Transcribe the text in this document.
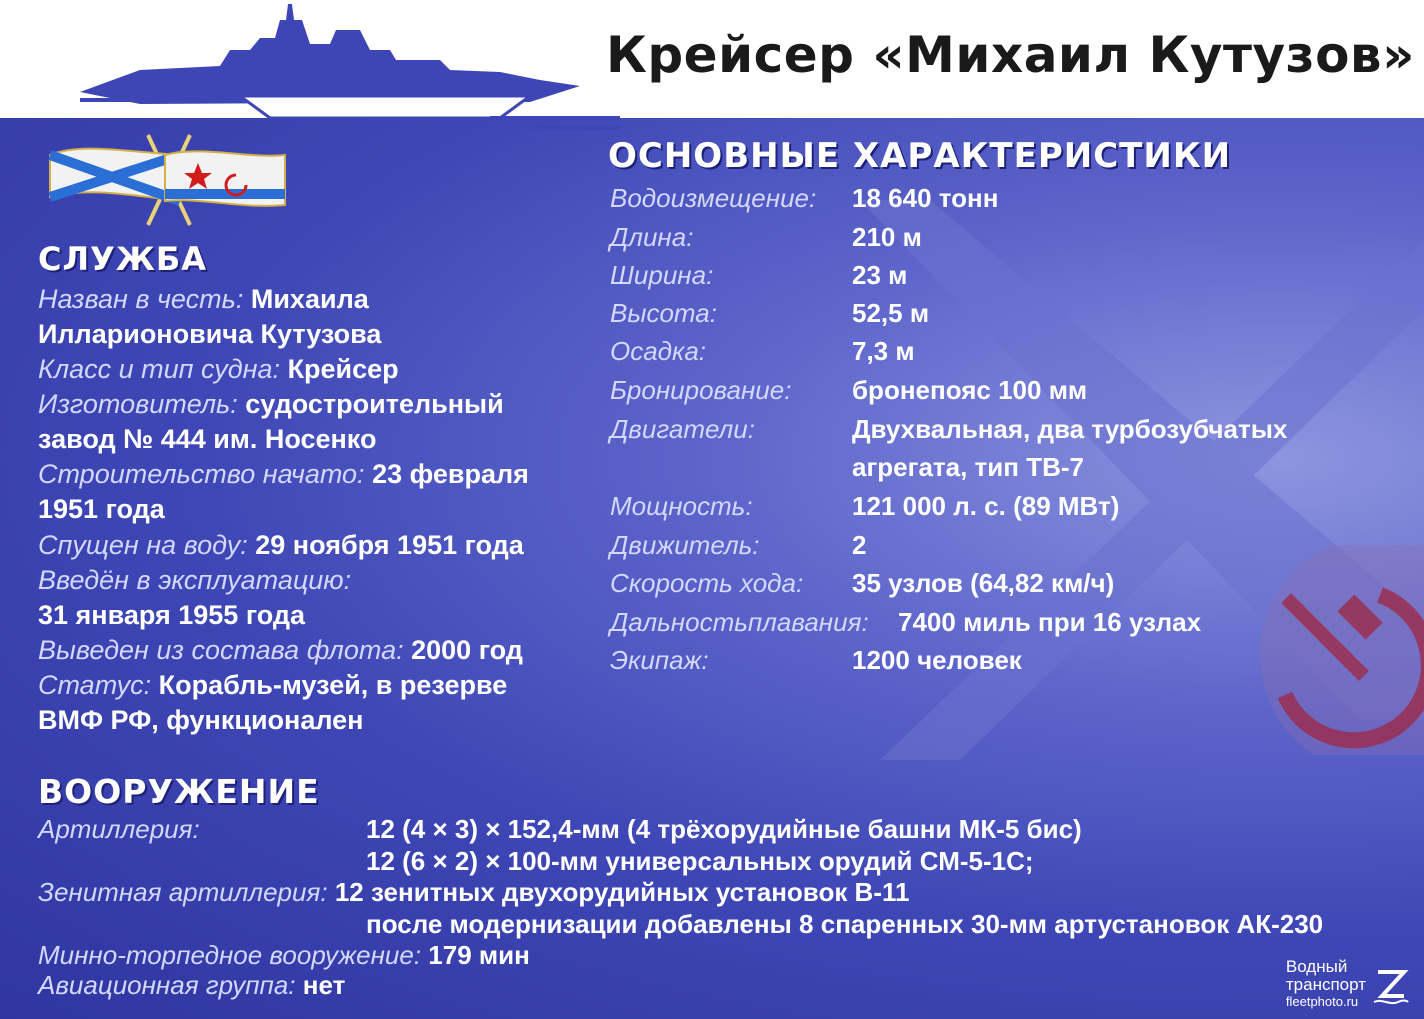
Крейсер «Михаил Кутузов»
СЛУЖБА
Назван в честь: Михаила
Илларионовича Кутузова
Класс и тип судна: Крейсер
Изготовитель: судостроительный
завод № 444 им. Носенко
Строительство начато: 23 февраля
1951 года
Спущен на воду: 29 ноября 1951 года
Введён в эксплуатацию:
31 января 1955 года
Выведен из состава флота: 2000 год
Статус: Корабль-музей, в резерве
ВМФ РФ, функционален
ОСНОВНЫЕ ХАРАКТЕРИСТИКИ
Водоизмещение: 18 640 тонн
Длина:	210 м
Ширина:	23 м
Высота:	52,5 м
Осадка:	7,3 м
Бронирование: бронепояс 100 мм
Двигатели:	Двухвальная, два турбозубчатых
агрегата, тип ТВ-7
Мощность:	121 000 л. с. (89 МВт)
Движитель:	2
Скорость хода: 35 узлов (64,82 км/ч)
Дальностьплавания: 7400 миль при 16 узлах
Экипаж:	1200 человек
ВООРУЖЕНИЕ
Артиллерия:	12 (4 × 3) × 152,4-мм (4 трёхорудийные башни МК-5 бис)
12 (6 × 2) × 100-мм универсальных орудий СМ-5-1С;
Зенитная артиллерия: 12 зенитных двухорудийных установок В-11
после модернизации добавлены 8 спаренных 30-мм артустановок АК-230
Минно-торпедное вооружение: 179 мин
Авиационная группа: нет
Водный
транспорт
fleetphoto.ru
